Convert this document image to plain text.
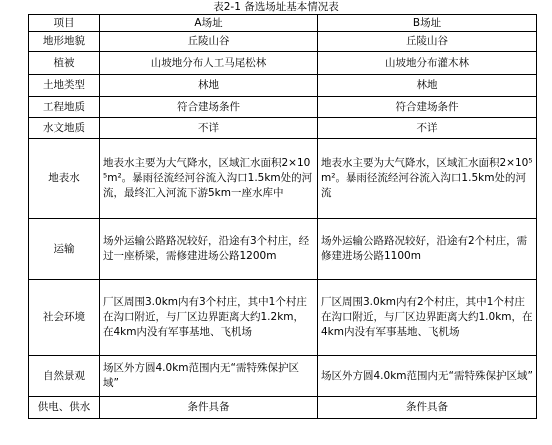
表2-1 备选场址基本情况表
项目	A场址	B场址
地形地貌	丘陵山谷	丘陵山谷
植被	山坡地分布人工马尾松林	山坡地分布灌木林
土地类型	林地	林地
工程地质	符合建场条件	符合建场条件
水文地质	不详	不详
地表水	地表水主要为大气降水，区域汇水面积2×10⁵m²。暴雨径流经河谷流入沟口1.5km处的河流，最终汇入河流下游5km一座水库中	地表水主要为大气降水，区域汇水面积2×10⁵m²。暴雨径流经河谷流入沟口1.5km处的河流
运输	场外运输公路路况较好，沿途有3个村庄，经过一座桥梁，需修建进场公路1200m	场外运输公路路况较好，沿途有2个村庄，需修建进场公路1100m
社会环境	厂区周围3.0km内有3个村庄，其中1个村庄在沟口附近，与厂区边界距离大约1.2km，在4km内没有军事基地、飞机场	厂区周围3.0km内有2个村庄，其中1个村庄在沟口附近，与厂区边界距离大约1.0km，在4km内没有军事基地、飞机场
自然景观	场区外方圆4.0km范围内无“需特殊保护区域”	场区外方圆4.0km范围内无“需特殊保护区域”
供电、供水	条件具备	条件具备
